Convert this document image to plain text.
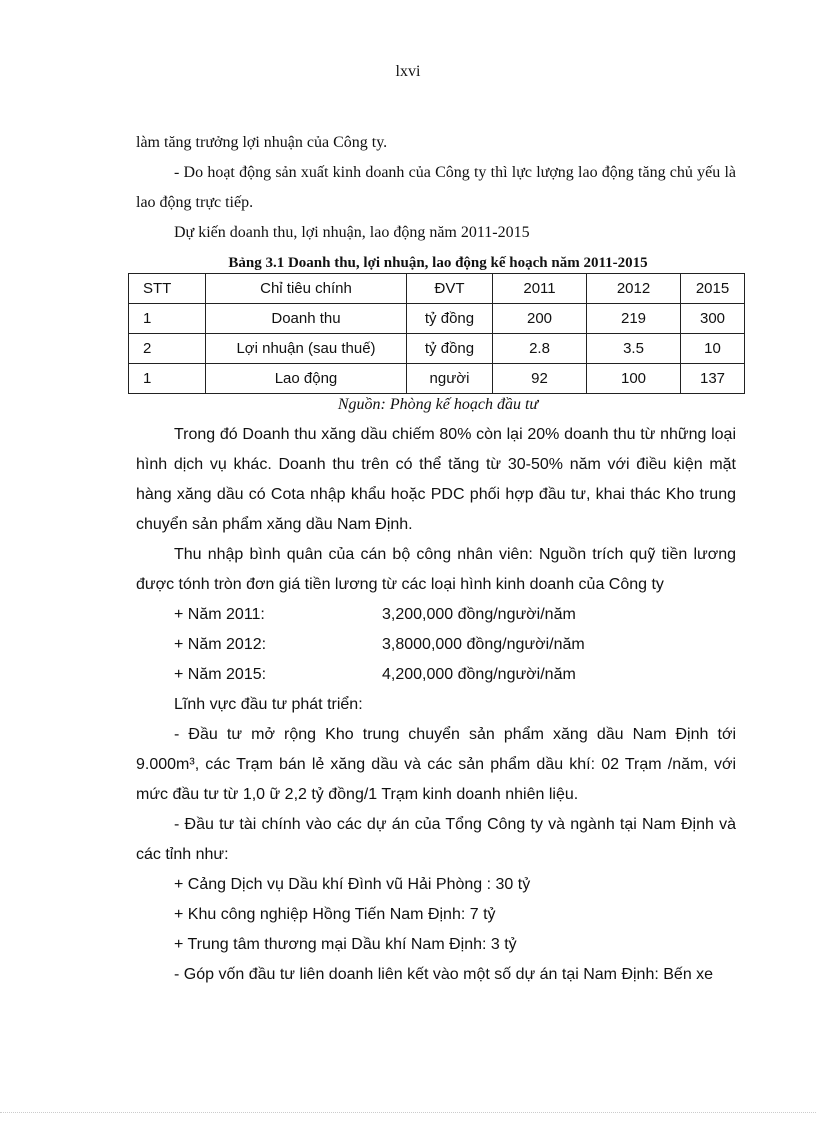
lxvi

làm tăng trưởng lợi nhuận của Công ty.

- Do hoạt động sản xuất kinh doanh của Công ty thì lực lượng lao động tăng chủ yếu là lao động trực tiếp.

Dự kiến doanh thu, lợi nhuận, lao động năm 2011-2015

Bảng 3.1 Doanh thu, lợi nhuận, lao động kế hoạch năm 2011-2015
STT	Chỉ tiêu chính	ĐVT	2011	2012	2015
1	Doanh thu	tỷ đồng	200	219	300
2	Lợi nhuận (sau thuế)	tỷ đồng	2.8	3.5	10
1	Lao động	người	92	100	137
Nguồn: Phòng kế hoạch đầu tư

Trong đó Doanh thu xăng dầu chiếm 80% còn lại 20% doanh thu từ những loại hình dịch vụ khác. Doanh thu trên có thể tăng từ 30-50% năm với điều kiện mặt hàng xăng dầu có Cota nhập khẩu hoặc PDC phối hợp đầu tư, khai thác Kho trung chuyển sản phẩm xăng dầu Nam Định.

Thu nhập bình quân của cán bộ công nhân viên: Nguồn trích quỹ tiền lương được tónh tròn đơn giá tiền lương từ các loại hình kinh doanh của Công ty

+ Năm 2011:	3,200,000 đồng/người/năm
+ Năm 2012:	3,8000,000 đồng/người/năm
+ Năm 2015:	4,200,000 đồng/người/năm

Lĩnh vực đầu tư phát triển:

- Đầu tư mở rộng Kho trung chuyển sản phẩm xăng dầu Nam Định tới 9.000m³, các Trạm bán lẻ xăng dầu và các sản phẩm dầu khí: 02 Trạm /năm, với mức đầu tư từ 1,0 ữ 2,2 tỷ đồng/1 Trạm kinh doanh nhiên liệu.

- Đầu tư tài chính vào các dự án của Tổng Công ty và ngành tại Nam Định và các tỉnh như:

+ Cảng Dịch vụ Dầu khí Đình vũ Hải Phòng : 30 tỷ

+ Khu công nghiệp Hồng Tiến Nam Định: 7 tỷ

+ Trung tâm thương mại Dầu khí Nam Định: 3 tỷ

- Góp vốn đầu tư liên doanh liên kết vào một số dự án tại Nam Định: Bến xe
